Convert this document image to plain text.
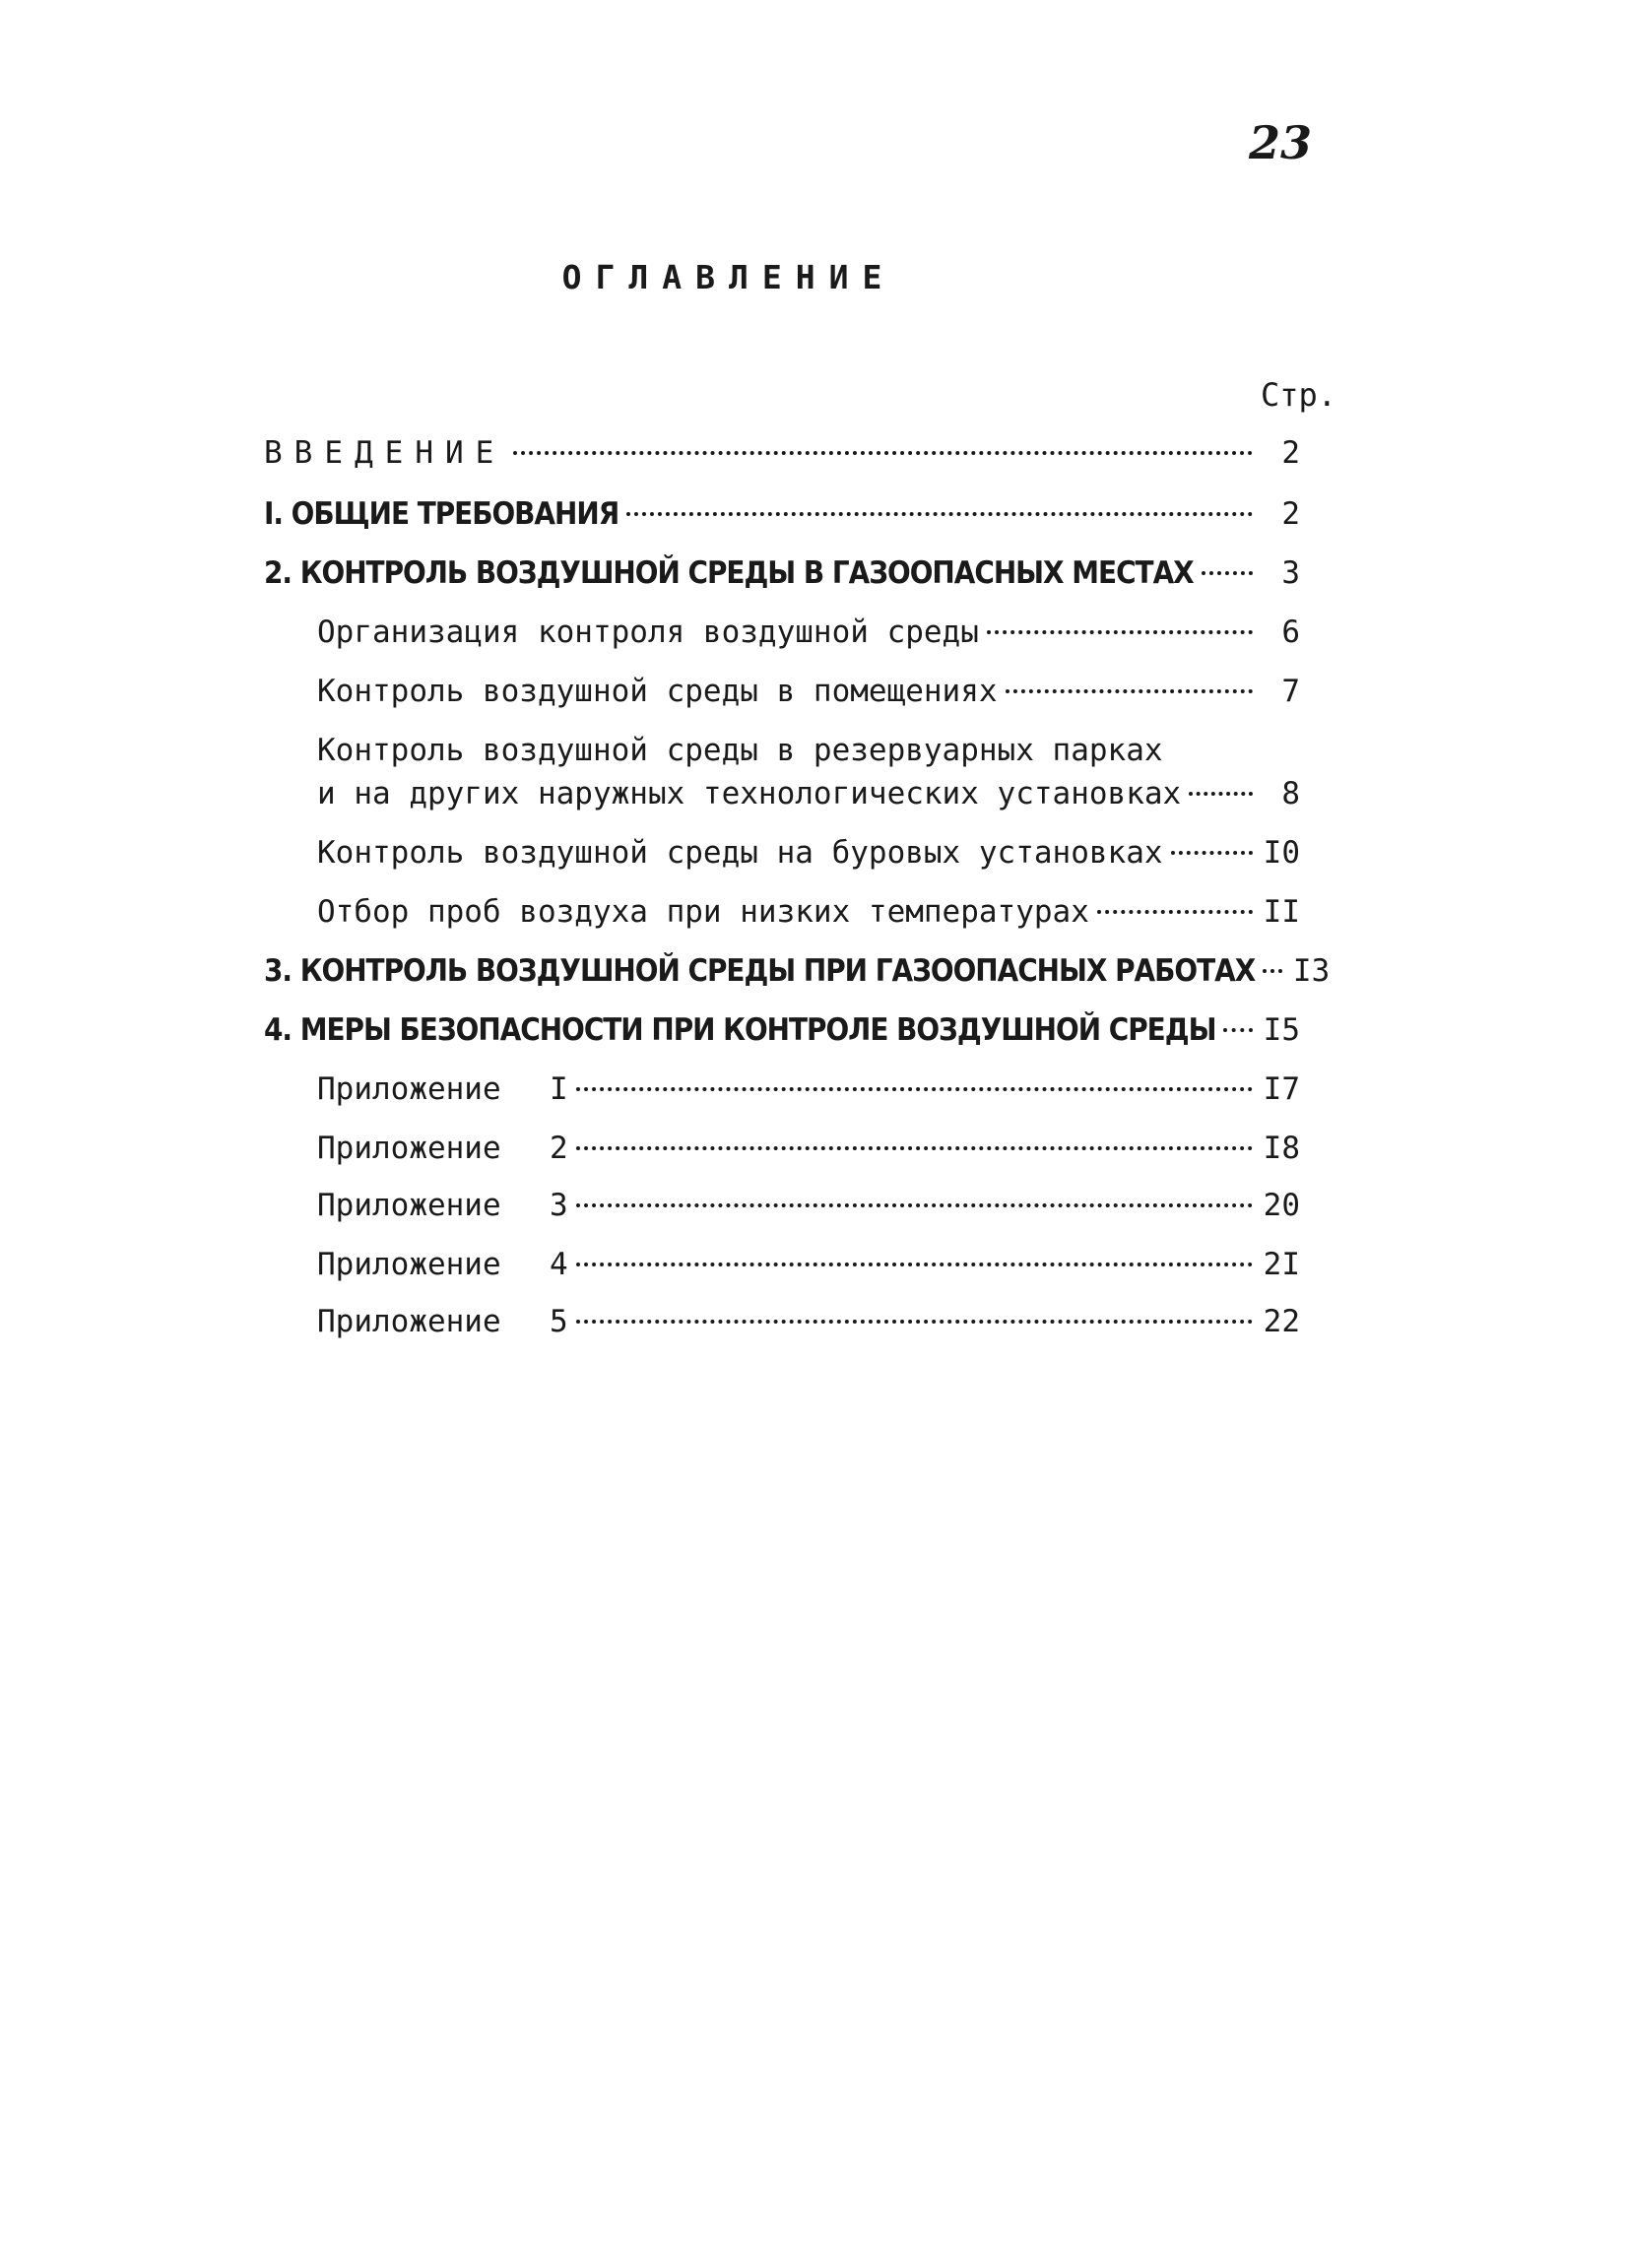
23
ОГЛАВЛЕНИЕ
Стр.
ВВЕДЕНИЕ	2
I. ОБЩИЕ ТРЕБОВАНИЯ	2
2. КОНТРОЛЬ ВОЗДУШНОЙ СРЕДЫ В ГАЗООПАСНЫХ МЕСТАХ	3
Организация контроля воздушной среды	6
Контроль воздушной среды в помещениях	7
Контроль воздушной среды в резервуарных парках
и на других наружных технологических установках	8
Контроль воздушной среды на буровых установках	I0
Отбор проб воздуха при низких температурах	II
3. КОНТРОЛЬ ВОЗДУШНОЙ СРЕДЫ ПРИ ГАЗООПАСНЫХ РАБОТАХ I3
4. МЕРЫ БЕЗОПАСНОСТИ ПРИ КОНТРОЛЕ ВОЗДУШНОЙ СРЕДЫ I5
Приложение I	I7
Приложение 2	I8
Приложение 3	20
Приложение 4	2I
Приложение 5	22
